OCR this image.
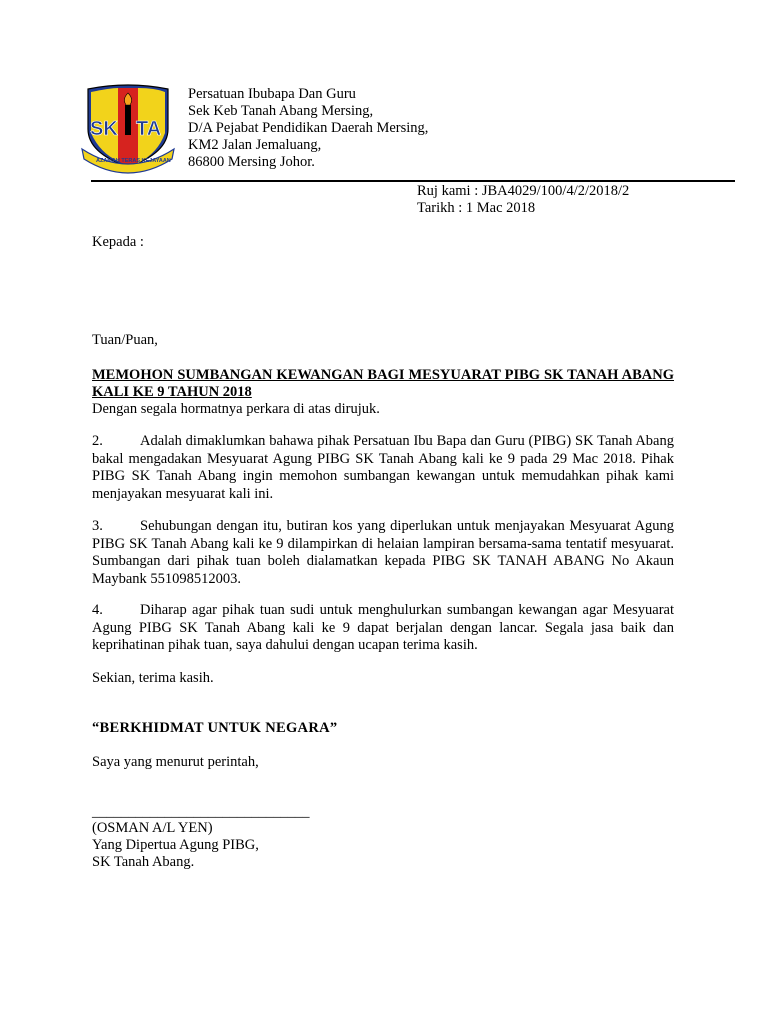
SK TA
AZAMAH TERAS KEJAYAAN
Persatuan Ibubapa Dan Guru
Sek Keb Tanah Abang Mersing,
D/A Pejabat Pendidikan Daerah Mersing,
KM2 Jalan Jemaluang,
86800 Mersing Johor.
Ruj kami : JBA4029/100/4/2/2018/2
Tarikh : 1 Mac 2018
Kepada :
Tuan/Puan,
MEMOHON SUMBANGAN KEWANGAN BAGI MESYUARAT PIBG SK TANAH ABANG KALI KE 9 TAHUN 2018
Dengan segala hormatnya perkara di atas dirujuk.
2.	Adalah dimaklumkan bahawa pihak Persatuan Ibu Bapa dan Guru (PIBG) SK Tanah Abang bakal mengadakan Mesyuarat Agung PIBG SK Tanah Abang kali ke 9 pada 29 Mac 2018. Pihak PIBG SK Tanah Abang ingin memohon sumbangan kewangan untuk memudahkan pihak kami menjayakan mesyuarat kali ini.
3.	Sehubungan dengan itu, butiran kos yang diperlukan untuk menjayakan Mesyuarat Agung PIBG SK Tanah Abang kali ke 9 dilampirkan di helaian lampiran bersama-sama tentatif mesyuarat. Sumbangan dari pihak tuan boleh dialamatkan kepada PIBG SK TANAH ABANG No Akaun Maybank 551098512003.
4.	Diharap agar pihak tuan sudi untuk menghulurkan sumbangan kewangan agar Mesyuarat Agung PIBG SK Tanah Abang kali ke 9 dapat berjalan dengan lancar. Segala jasa baik dan keprihatinan pihak tuan, saya dahului dengan ucapan terima kasih.
Sekian, terima kasih.
“BERKHIDMAT UNTUK NEGARA”
Saya yang menurut perintah,
______________________________
(OSMAN A/L YEN)
Yang Dipertua Agung PIBG,
SK Tanah Abang.
